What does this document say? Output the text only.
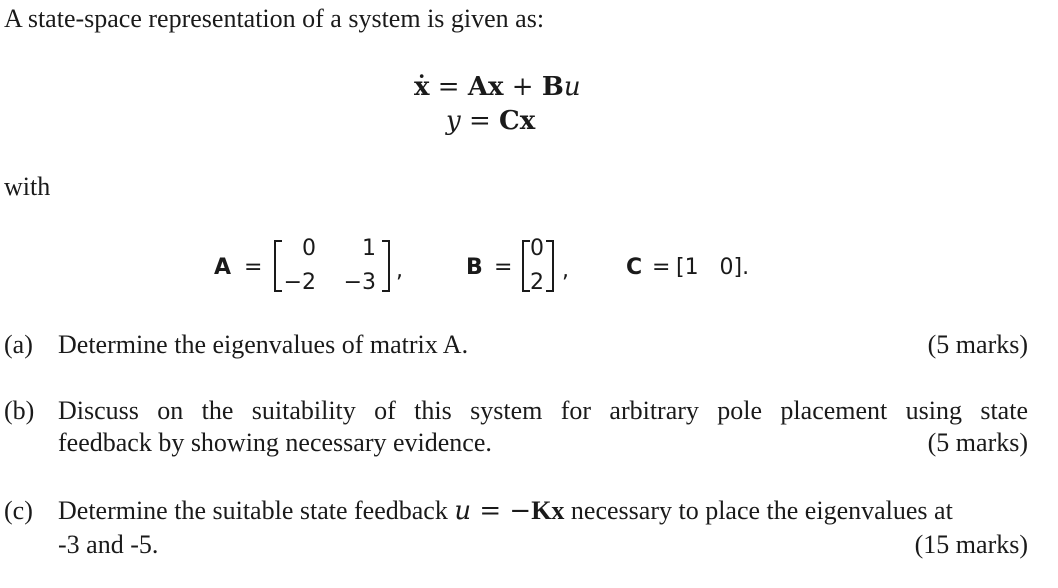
A state-space representation of a system is given as:
ẋ = Ax + Bu
y = Cx
with
A =
0	1
−2 −3 ,	B =
0
2 ,	C = [1   0].
(a) Determine the eigenvalues of matrix A.	(5 marks)
(b) Discuss on the suitability of this system for arbitrary pole placement using state
feedback by showing necessary evidence.	(5 marks)
(c) Determine the suitable state feedback u = −Kx necessary to place the eigenvalues at
-3 and -5.	(15 marks)
